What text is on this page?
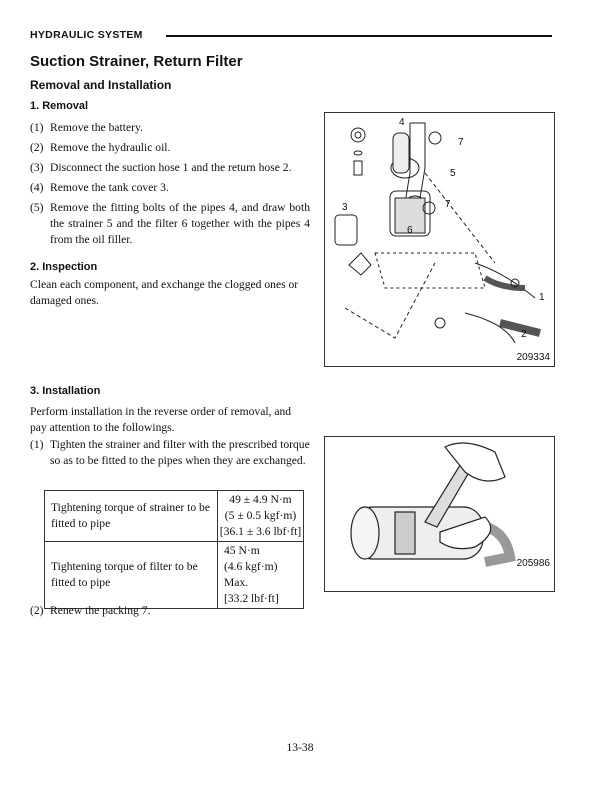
HYDRAULIC SYSTEM
Suction Strainer, Return Filter
Removal and Installation
1. Removal
(1) Remove the battery.
(2) Remove the hydraulic oil.
(3) Disconnect the suction hose 1 and the return hose 2.
(4) Remove the tank cover 3.
(5) Remove the fitting bolts of the pipes 4, and draw both the strainer 5 and the filter 6 together with the pipes 4 from the oil filler.
2. Inspection
Clean each component, and exchange the clogged ones or damaged ones.
3. Installation
Perform installation in the reverse order of removal, and pay attention to the followings.
(1) Tighten the strainer and filter with the prescribed torque so as to be fitted to the pipes when they are exchanged.
Tightening torque of strainer to be fitted to pipe	49 ± 4.9 N·m
(5 ± 0.5 kgf·m)
[36.1 ± 3.6 lbf·ft]

Tightening torque of filter to be fitted to pipe	45 N·m
(4.6 kgf·m) Max.
[33.2 lbf·ft]
(2) Renew the packing 7.
4
7
5
7
3
6
1
2
209334
205986
13-38
